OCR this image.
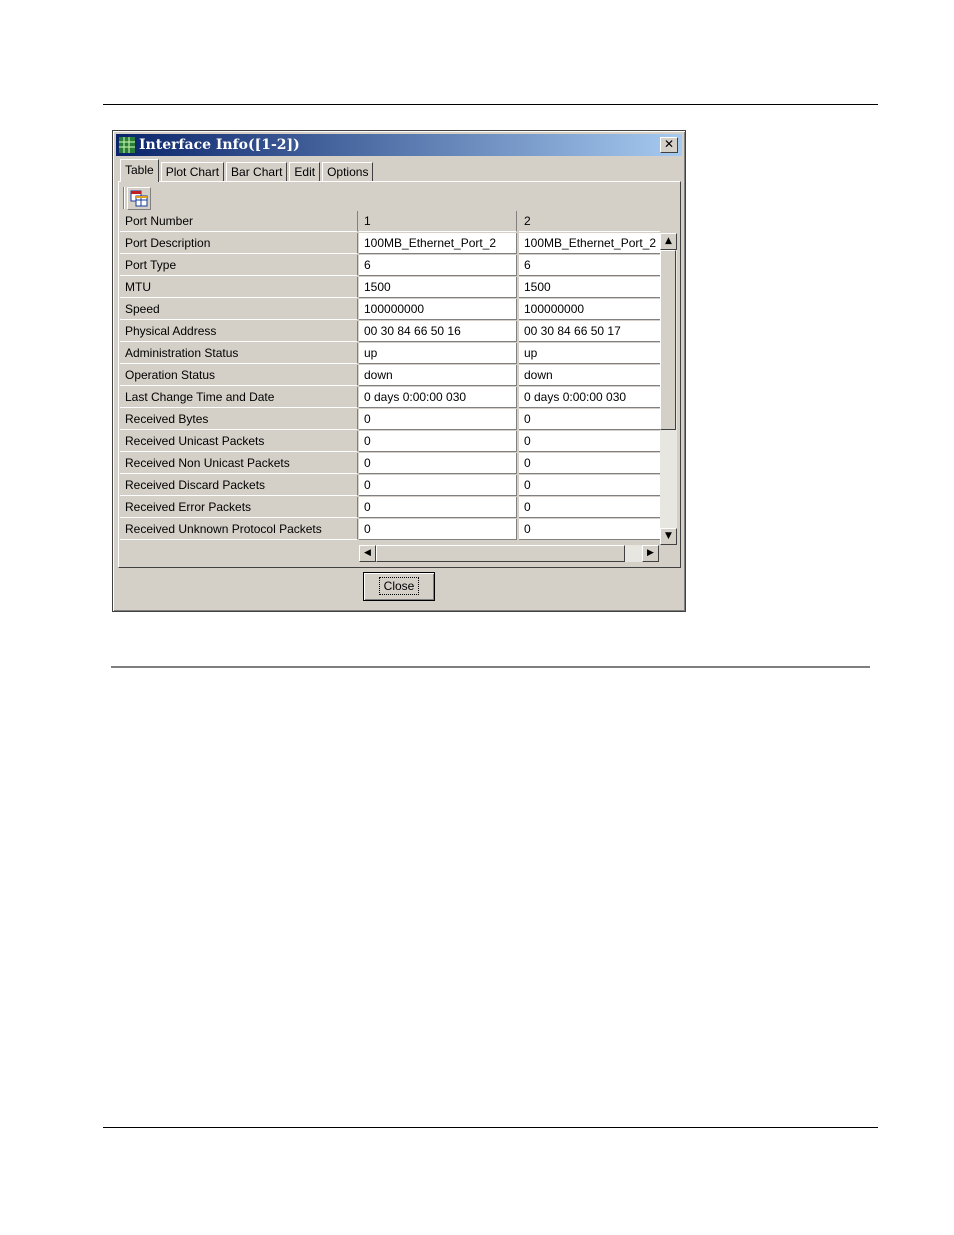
Interface Info([1-2])	✕
Table	Plot Chart	Bar Chart	Edit	Options
Port Number	1	2
Port Description	100MB_Ethernet_Port_2	100MB_Ethernet_Port_2
Port Type	6	6
MTU	1500	1500
Speed	100000000	100000000
Physical Address	00 30 84 66 50 16	00 30 84 66 50 17
Administration Status	up	up
Operation Status	down	down
Last Change Time and Date	0 days 0:00:00 030	0 days 0:00:00 030
Received Bytes	0	0
Received Unicast Packets	0	0
Received Non Unicast Packets	0	0
Received Discard Packets	0	0
Received Error Packets	0	0
Received Unknown Protocol Packets	0	0
▲
▼
◀	▶
Close
